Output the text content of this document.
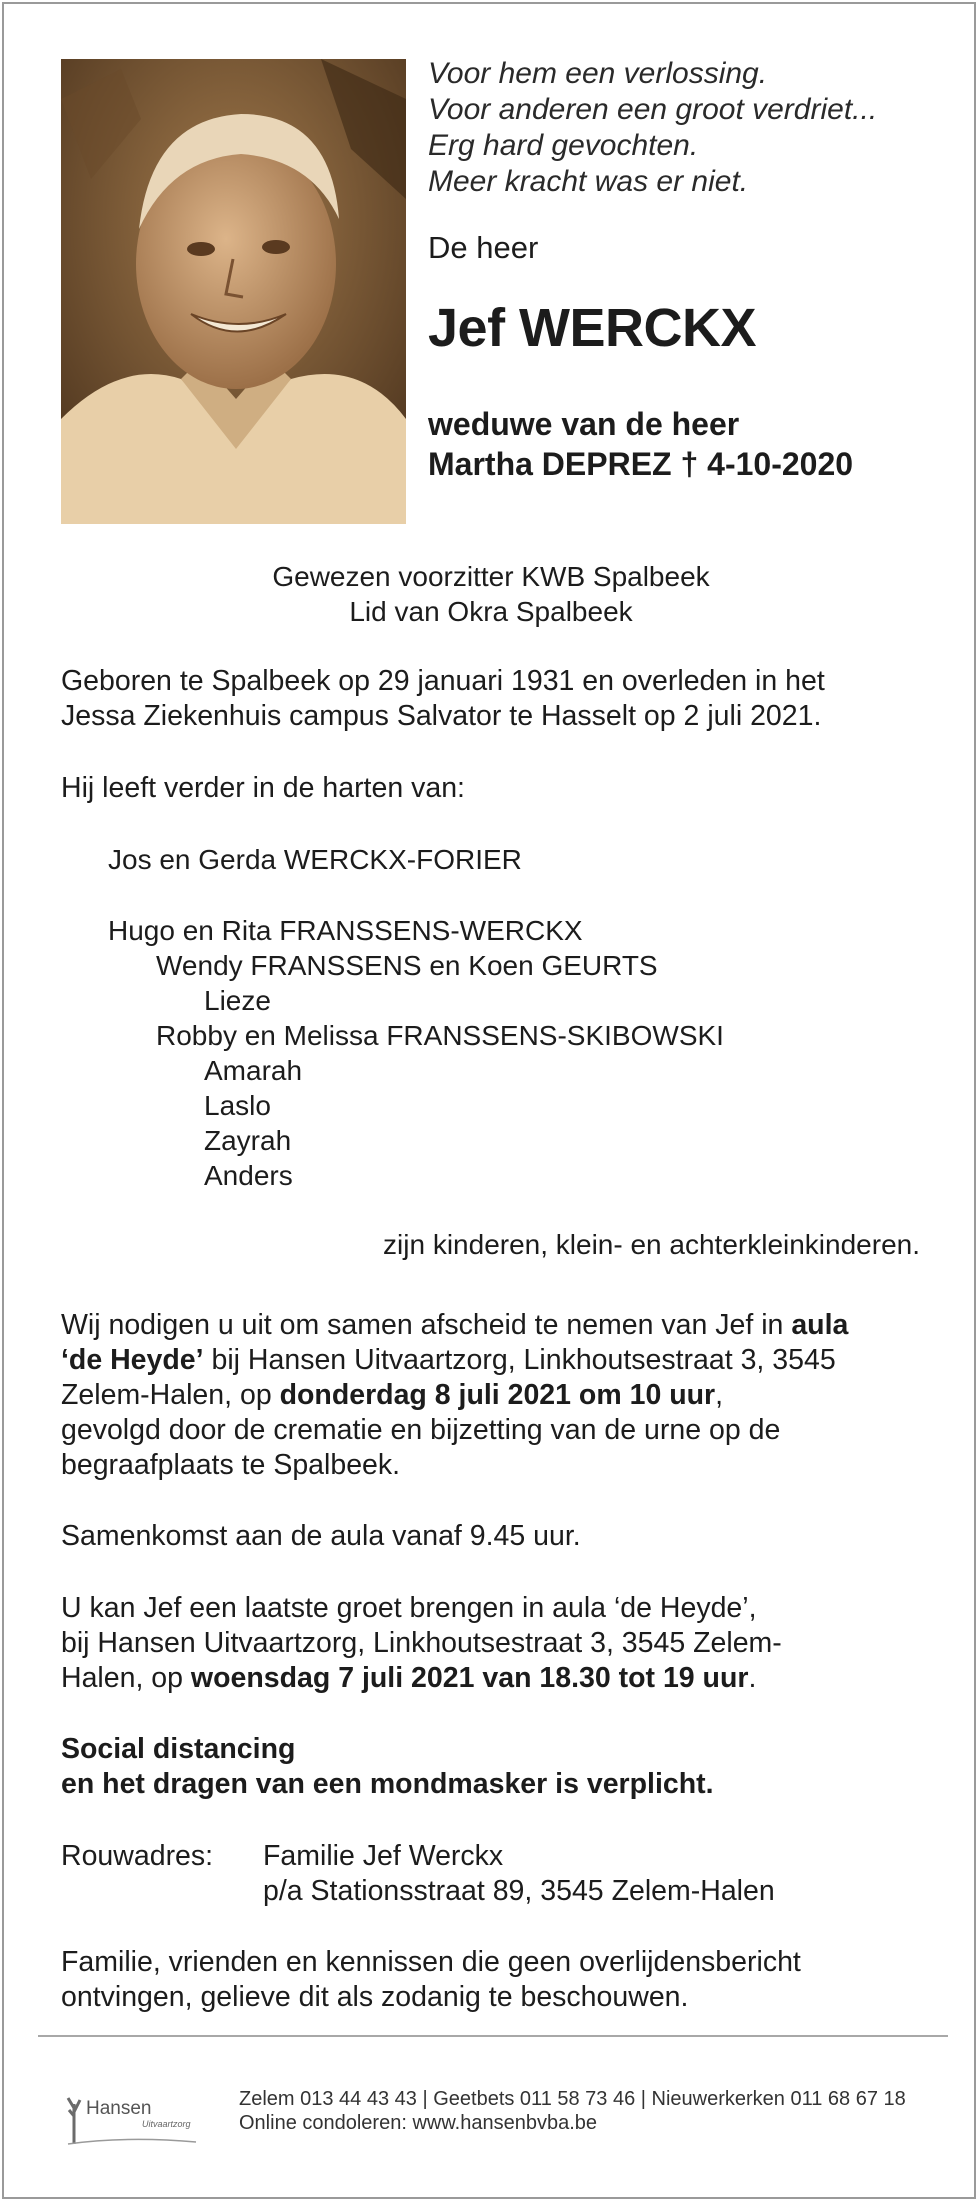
Voor hem een verlossing.
Voor anderen een groot verdriet...
Erg hard gevochten.
Meer kracht was er niet.
De heer
Jef WERCKX
weduwe van de heer
Martha DEPREZ † 4-10-2020
Gewezen voorzitter KWB Spalbeek
Lid van Okra Spalbeek
Geboren te Spalbeek op 29 januari 1931 en overleden in het
Jessa Ziekenhuis campus Salvator te Hasselt op 2 juli 2021.
Hij leeft verder in de harten van:
Jos en Gerda WERCKX-FORIER
Hugo en Rita FRANSSENS-WERCKX
Wendy FRANSSENS en Koen GEURTS
Lieze
Robby en Melissa FRANSSENS-SKIBOWSKI
Amarah
Laslo
Zayrah
Anders
zijn kinderen, klein- en achterkleinkinderen.
Wij nodigen u uit om samen afscheid te nemen van Jef in aula
‘de Heyde’ bij Hansen Uitvaartzorg, Linkhoutsestraat 3, 3545
Zelem-Halen, op donderdag 8 juli 2021 om 10 uur,
gevolgd door de crematie en bijzetting van de urne op de
begraafplaats te Spalbeek.
Samenkomst aan de aula vanaf 9.45 uur.
U kan Jef een laatste groet brengen in aula ‘de Heyde’,
bij Hansen Uitvaartzorg, Linkhoutsestraat 3, 3545 Zelem-
Halen, op woensdag 7 juli 2021 van 18.30 tot 19 uur.
Social distancing
en het dragen van een mondmasker is verplicht.
Rouwadres: Familie Jef Werckx
p/a Stationsstraat 89, 3545 Zelem-Halen
Familie, vrienden en kennissen die geen overlijdensbericht
ontvingen, gelieve dit als zodanig te beschouwen.
Hansen
Uitvaartzorg
Zelem 013 44 43 43 | Geetbets 011 58 73 46 | Nieuwerkerken 011 68 67 18
Online condoleren: www.hansenbvba.be
